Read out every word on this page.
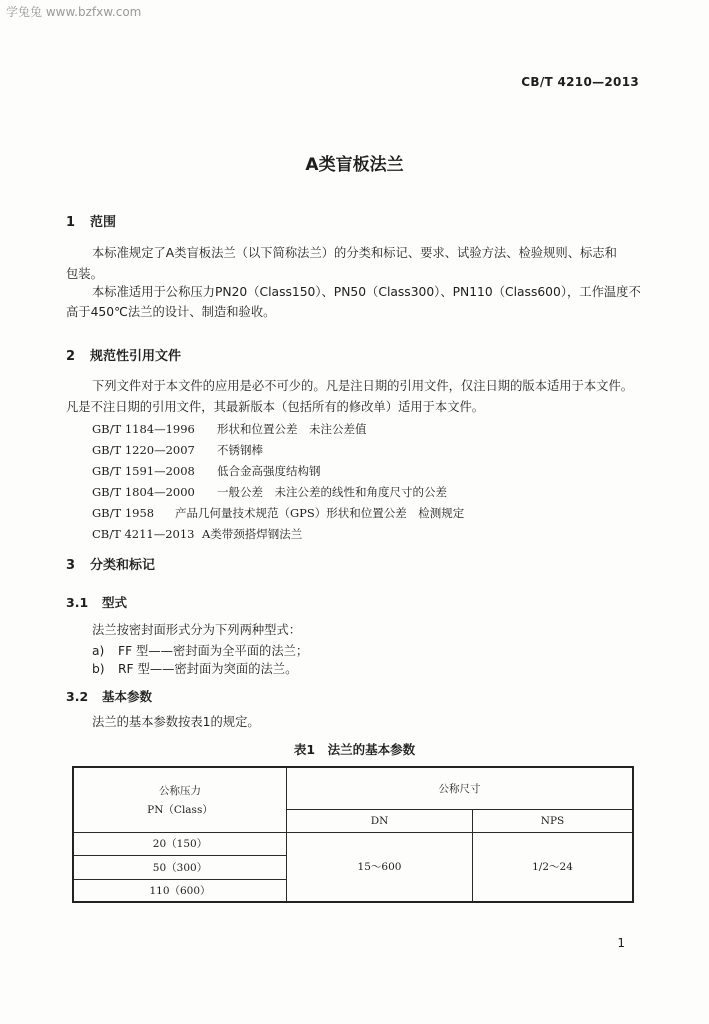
学兔兔 www.bzfxw.com
CB/T 4210—2013
A类盲板法兰
1 范围
本标准规定了A类盲板法兰（以下简称法兰）的分类和标记、要求、试验方法、检验规则、标志和
包装。
本标准适用于公称压力PN20（Class150）、PN50（Class300）、PN110（Class600），工作温度不
高于450℃法兰的设计、制造和验收。
2 规范性引用文件
下列文件对于本文件的应用是必不可少的。凡是注日期的引用文件，仅注日期的版本适用于本文件。
凡是不注日期的引用文件，其最新版本（包括所有的修改单）适用于本文件。
GB/T 1184—1996 形状和位置公差　未注公差值
GB/T 1220—2007 不锈钢棒
GB/T 1591—2008 低合金高强度结构钢
GB/T 1804—2000 一般公差　未注公差的线性和角度尺寸的公差
GB/T 1958 产品几何量技术规范（GPS）形状和位置公差　检测规定
CB/T 4211—2013 A类带颈搭焊钢法兰
3 分类和标记
3.1 型式
法兰按密封面形式分为下列两种型式：
a) FF 型——密封面为全平面的法兰；
b) RF 型——密封面为突面的法兰。
3.2 基本参数
法兰的基本参数按表1的规定。
表1　法兰的基本参数
公称压力
PN（Class）	公称尺寸	
	DN	NPS
20（150）	15～600	1/2～24
50（300）		
110（600）		
1
